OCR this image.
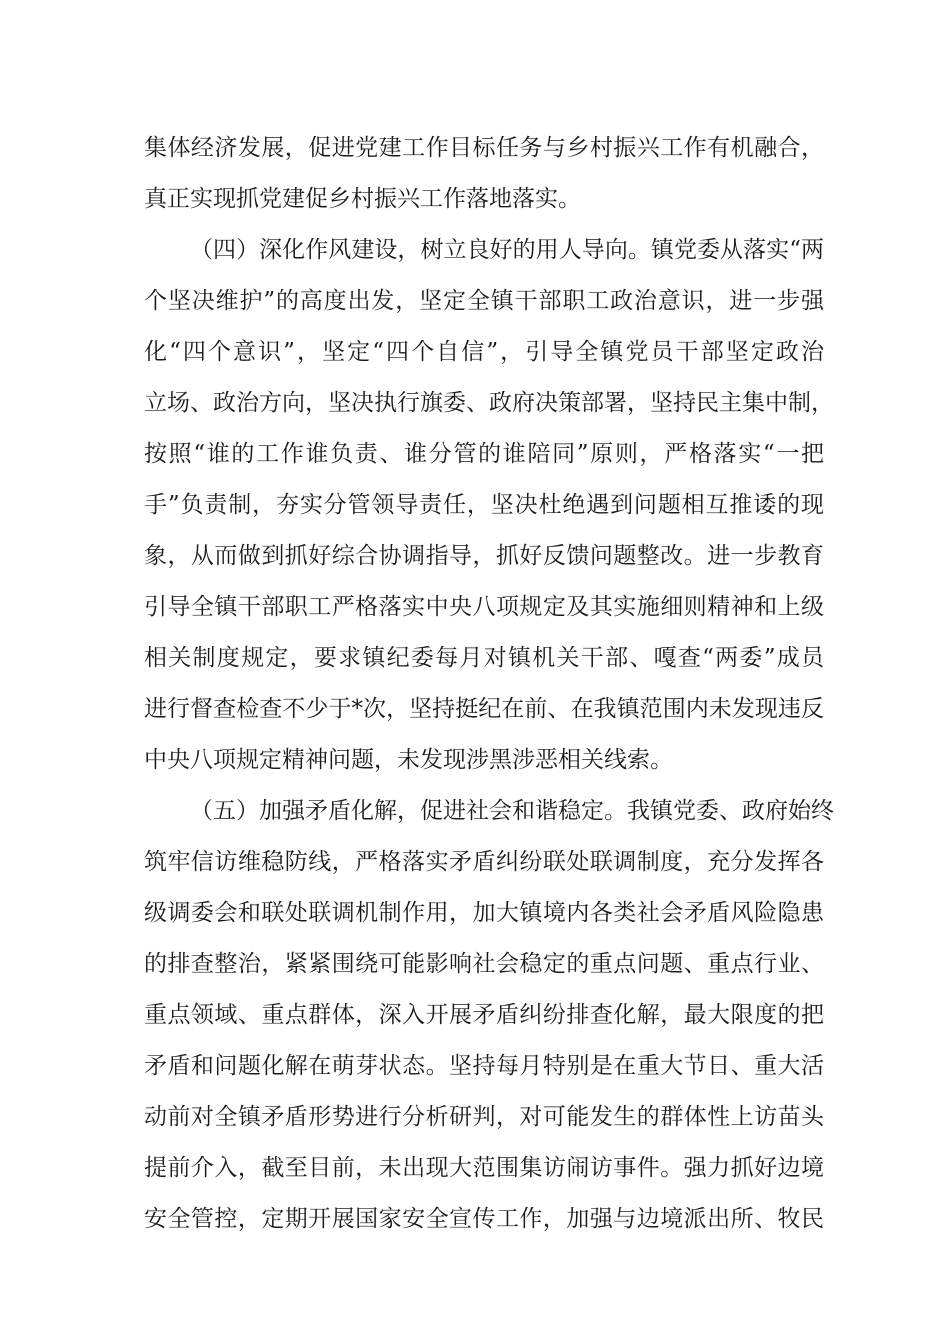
集体经济发展，促进党建工作目标任务与乡村振兴工作有机融合，
真正实现抓党建促乡村振兴工作落地落实。
（四）深化作风建设，树立良好的用人导向。镇党委从落实“两
个坚决维护”的高度出发，坚定全镇干部职工政治意识，进一步强
化“四个意识”，坚定“四个自信”，引导全镇党员干部坚定政治
立场、政治方向，坚决执行旗委、政府决策部署，坚持民主集中制，
按照“谁的工作谁负责、谁分管的谁陪同”原则，严格落实“一把
手”负责制，夯实分管领导责任，坚决杜绝遇到问题相互推诿的现
象，从而做到抓好综合协调指导，抓好反馈问题整改。进一步教育
引导全镇干部职工严格落实中央八项规定及其实施细则精神和上级
相关制度规定，要求镇纪委每月对镇机关干部、嘎查“两委”成员
进行督查检查不少于*次，坚持挺纪在前、在我镇范围内未发现违反
中央八项规定精神问题，未发现涉黑涉恶相关线索。
（五）加强矛盾化解，促进社会和谐稳定。我镇党委、政府始终
筑牢信访维稳防线，严格落实矛盾纠纷联处联调制度，充分发挥各
级调委会和联处联调机制作用，加大镇境内各类社会矛盾风险隐患
的排查整治，紧紧围绕可能影响社会稳定的重点问题、重点行业、
重点领域、重点群体，深入开展矛盾纠纷排查化解，最大限度的把
矛盾和问题化解在萌芽状态。坚持每月特别是在重大节日、重大活
动前对全镇矛盾形势进行分析研判，对可能发生的群体性上访苗头
提前介入，截至目前，未出现大范围集访闹访事件。强力抓好边境
安全管控，定期开展国家安全宣传工作，加强与边境派出所、牧民
